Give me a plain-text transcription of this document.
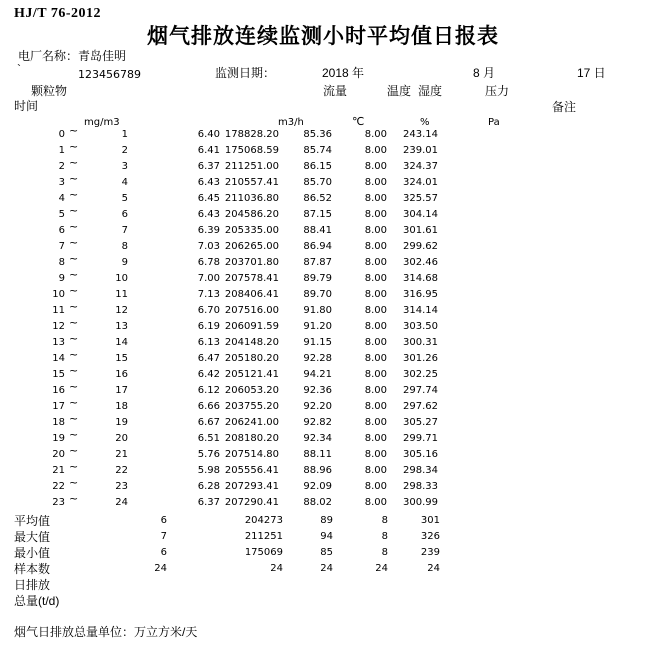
HJ/T 76-2012
烟气排放连续监测小时平均值日报表
电厂名称：青岛佳明
`	123456789	监测日期：	2018 年	8 月	17 日
颗粒物	流量	温度 湿度	压力
时间	备注
mg/m3	m3/h	℃	%	Pa
烟气日排放总量单位：万立方米/天
0 ~	1	6.40 178828.20	85.36	8.00	243.14
1 ~	2	6.41 175068.59	85.74	8.00	239.01
2 ~	3	6.37 211251.00	86.15	8.00	324.37
3 ~	4	6.43 210557.41	85.70	8.00	324.01
4 ~	5	6.45 211036.80	86.52	8.00	325.57
5 ~	6	6.43 204586.20	87.15	8.00	304.14
6 ~	7	6.39 205335.00	88.41	8.00	301.61
7 ~	8	7.03 206265.00	86.94	8.00	299.62
8 ~	9	6.78 203701.80	87.87	8.00	302.46
9 ~	10	7.00 207578.41	89.79	8.00	314.68
10 ~	11	7.13 208406.41	89.70	8.00	316.95
11 ~	12	6.70 207516.00	91.80	8.00	314.14
12 ~	13	6.19 206091.59	91.20	8.00	303.50
13 ~	14	6.13 204148.20	91.15	8.00	300.31
14 ~	15	6.47 205180.20	92.28	8.00	301.26
15 ~	16	6.42 205121.41	94.21	8.00	302.25
16 ~	17	6.12 206053.20	92.36	8.00	297.74
17 ~	18	6.66 203755.20	92.20	8.00	297.62
18 ~	19	6.67 206241.00	92.82	8.00	305.27
19 ~	20	6.51 208180.20	92.34	8.00	299.71
20 ~	21	5.76 207514.80	88.11	8.00	305.16
21 ~	22	5.98 205556.41	88.96	8.00	298.34
22 ~	23	6.28 207293.41	92.09	8.00	298.33
23 ~	24	6.37 207290.41	88.02	8.00	300.99
平均值	6	204273	89	8	301
最大值	7	211251	94	8	326
最小值	6	175069	85	8	239
样本数	24	24	24	24	24
日排放
总量(t/d)
